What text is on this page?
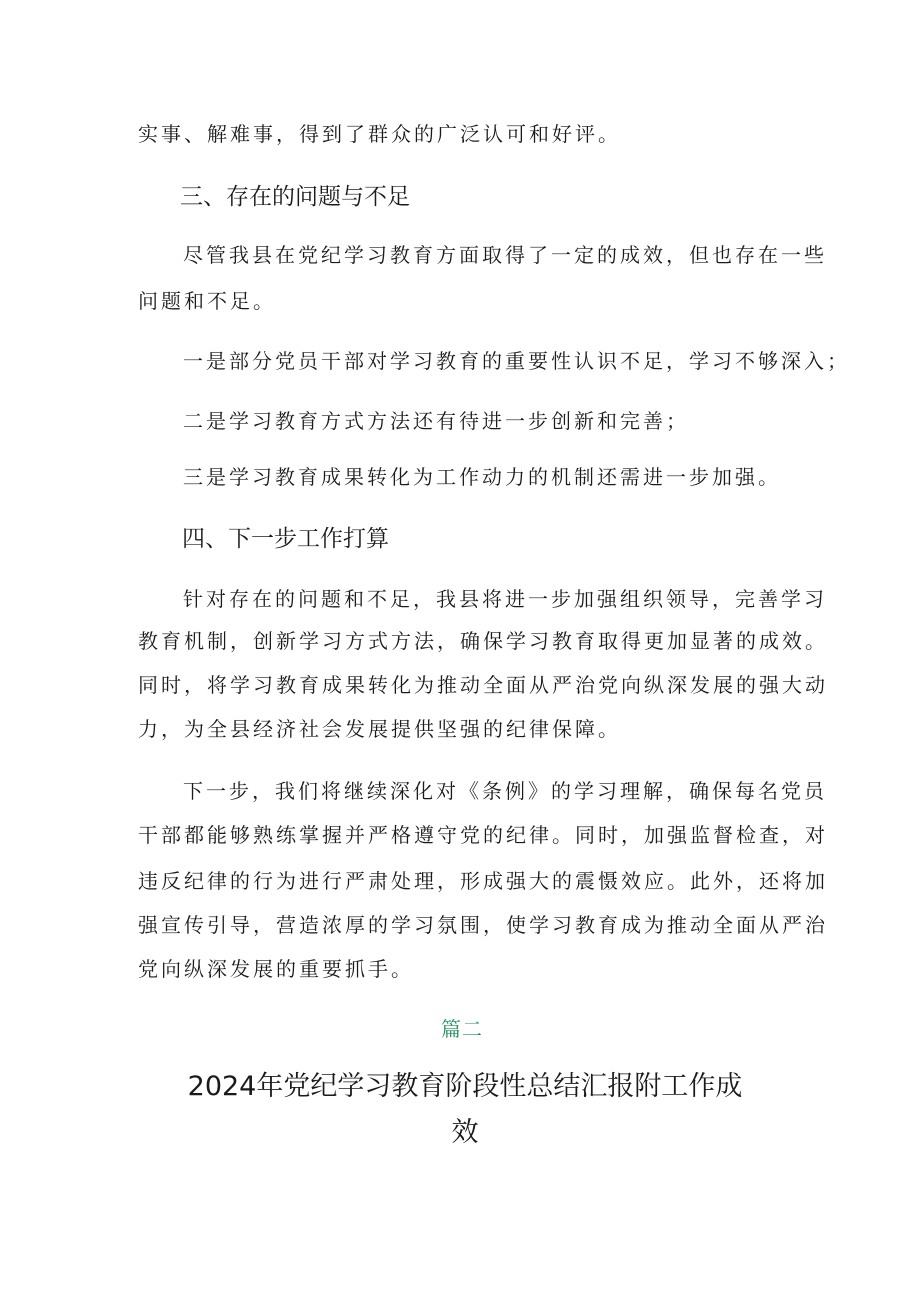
实事、解难事，得到了群众的广泛认可和好评。
三、存在的问题与不足
尽管我县在党纪学习教育方面取得了一定的成效，但也存在一些
问题和不足。
一是部分党员干部对学习教育的重要性认识不足，学习不够深入；
二是学习教育方式方法还有待进一步创新和完善；
三是学习教育成果转化为工作动力的机制还需进一步加强。
四、下一步工作打算
针对存在的问题和不足，我县将进一步加强组织领导，完善学习
教育机制，创新学习方式方法，确保学习教育取得更加显著的成效。
同时，将学习教育成果转化为推动全面从严治党向纵深发展的强大动
力，为全县经济社会发展提供坚强的纪律保障。
下一步，我们将继续深化对《条例》的学习理解，确保每名党员
干部都能够熟练掌握并严格遵守党的纪律。同时，加强监督检查，对
违反纪律的行为进行严肃处理，形成强大的震慑效应。此外，还将加
强宣传引导，营造浓厚的学习氛围，使学习教育成为推动全面从严治
党向纵深发展的重要抓手。
篇二
2024年党纪学习教育阶段性总结汇报附工作成效
